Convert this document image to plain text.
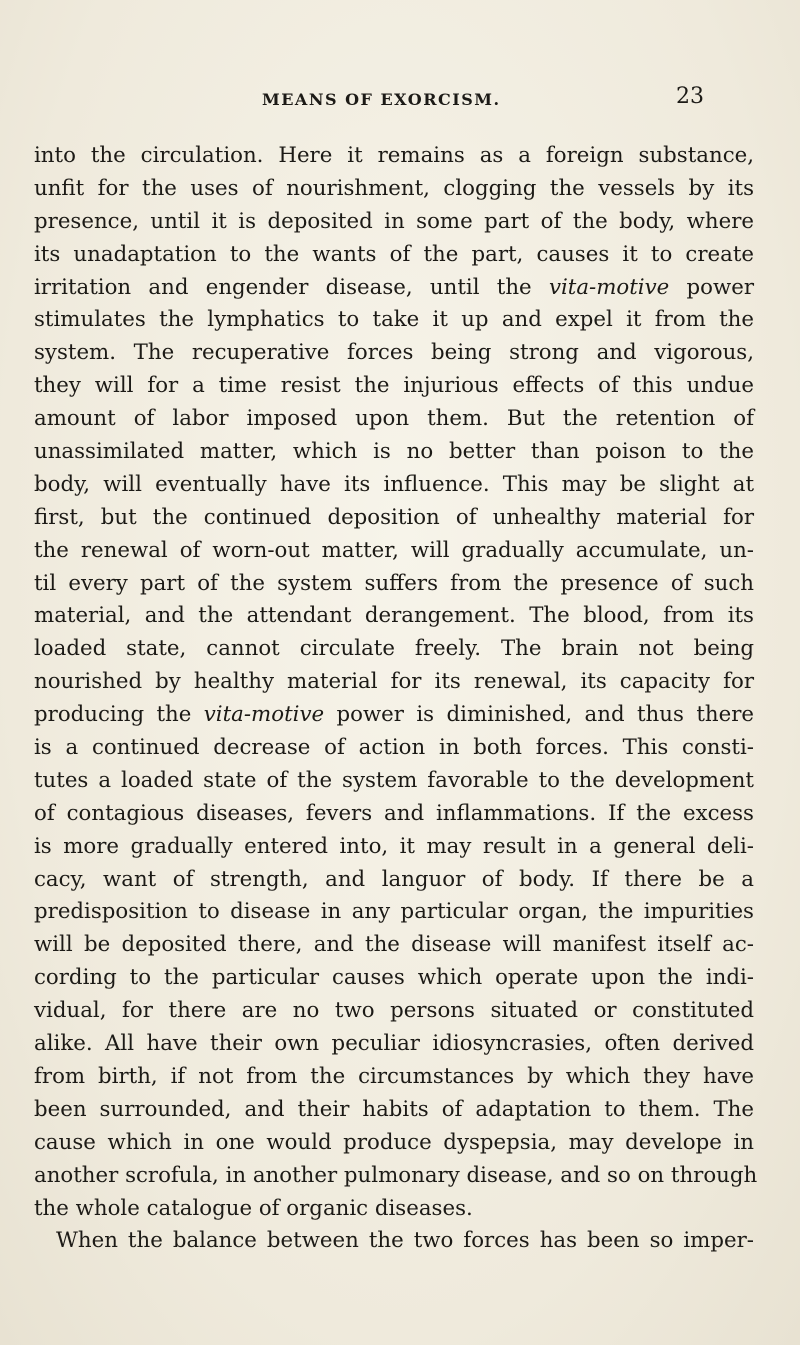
MEANS OF EXORCISM.	23
into the circulation. Here it remains as a foreign substance,
unfit for the uses of nourishment, clogging the vessels by its
presence, until it is deposited in some part of the body, where
its unadaptation to the wants of the part, causes it to create
irritation and engender disease, until the vita-motive power
stimulates the lymphatics to take it up and expel it from the
system. The recuperative forces being strong and vigorous,
they will for a time resist the injurious effects of this undue
amount of labor imposed upon them. But the retention of
unassimilated matter, which is no better than poison to the
body, will eventually have its influence. This may be slight at
first, but the continued deposition of unhealthy material for
the renewal of worn-out matter, will gradually accumulate, un-
til every part of the system suffers from the presence of such
material, and the attendant derangement. The blood, from its
loaded state, cannot circulate freely. The brain not being
nourished by healthy material for its renewal, its capacity for
producing the vita-motive power is diminished, and thus there
is a continued decrease of action in both forces. This consti-
tutes a loaded state of the system favorable to the development
of contagious diseases, fevers and inflammations. If the excess
is more gradually entered into, it may result in a general deli-
cacy, want of strength, and languor of body. If there be a
predisposition to disease in any particular organ, the impurities
will be deposited there, and the disease will manifest itself ac-
cording to the particular causes which operate upon the indi-
vidual, for there are no two persons situated or constituted
alike. All have their own peculiar idiosyncrasies, often derived
from birth, if not from the circumstances by which they have
been surrounded, and their habits of adaptation to them. The
cause which in one would produce dyspepsia, may develope in
another scrofula, in another pulmonary disease, and so on through
the whole catalogue of organic diseases.
When the balance between the two forces has been so imper-
